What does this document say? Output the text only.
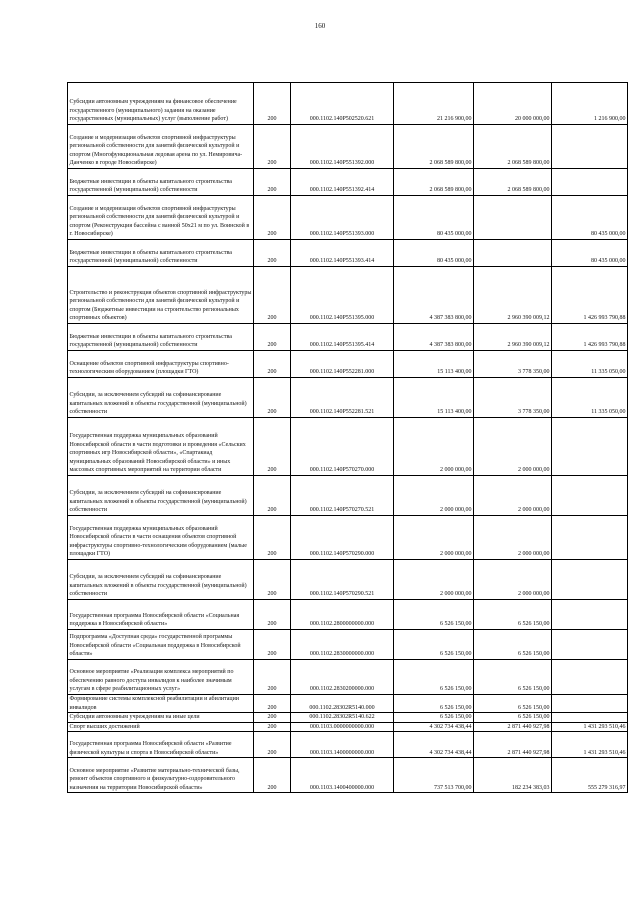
160
Субсидии автономным учреждениям на финансовое обеспечение государственного (муниципального) задания на оказание государственных (муниципальных) услуг (выполнение работ)	200	000.1102.140P502520.621	21 216 900,00	20 000 000,00	1 216 900,00
Создание и модернизация объектов спортивной инфраструктуры региональной собственности для занятий физической культурой и спортом (Многофункциональная ледовая арена по ул. Немировича-Данченко в городе Новосибирске)	200	000.1102.140P551392.000	2 068 589 800,00	2 068 589 800,00	
Бюджетные инвестиции в объекты капитального строительства государственной (муниципальной) собственности	200	000.1102.140P551392.414	2 068 589 800,00	2 068 589 800,00	
Создание и модернизация объектов спортивной инфраструктуры региональной собственности для занятий физической культурой и спортом (Реконструкция бассейна с ванной 50х21 м по ул. Воинской в г. Новосибирске)	200	000.1102.140P551393.000	80 435 000,00		80 435 000,00
Бюджетные инвестиции в объекты капитального строительства государственной (муниципальной) собственности	200	000.1102.140P551393.414	80 435 000,00		80 435 000,00
Строительство и реконструкция объектов спортивной инфраструктуры региональной собственности для занятий физической культурой и спортом (Бюджетные инвестиции на строительство региональных спортивных объектов)	200	000.1102.140P551395.000	4 387 383 800,00	2 960 390 009,12	1 426 993 790,88
Бюджетные инвестиции в объекты капитального строительства государственной (муниципальной) собственности	200	000.1102.140P551395.414	4 387 383 800,00	2 960 390 009,12	1 426 993 790,88
Оснащение объектов спортивной инфраструктуры спортивно-технологическим оборудованием (площадки ГТО)	200	000.1102.140P552281.000	15 113 400,00	3 778 350,00	11 335 050,00
Субсидии, за исключением субсидий на софинансирование капитальных вложений в объекты государственной (муниципальной) собственности	200	000.1102.140P552281.521	15 113 400,00	3 778 350,00	11 335 050,00
Государственная поддержка муниципальных образований Новосибирской области в части подготовки и проведения «Сельских спортивных игр Новосибирской области», «Спартакиад муниципальных образований Новосибирской области» и иных массовых спортивных мероприятий на территории области	200	000.1102.140P570270.000	2 000 000,00	2 000 000,00	
Субсидии, за исключением субсидий на софинансирование капитальных вложений в объекты государственной (муниципальной) собственности	200	000.1102.140P570270.521	2 000 000,00	2 000 000,00	
Государственная поддержка муниципальных образований Новосибирской области в части оснащения объектов спортивной инфраструктуры спортивно-технологическим оборудованием (малые площадки ГТО)	200	000.1102.140P570290.000	2 000 000,00	2 000 000,00	
Субсидии, за исключением субсидий на софинансирование капитальных вложений в объекты государственной (муниципальной) собственности	200	000.1102.140P570290.521	2 000 000,00	2 000 000,00	
Государственная программа Новосибирской области «Социальная поддержка в Новосибирской области»	200	000.1102.2800000000.000	6 526 150,00	6 526 150,00	
Подпрограмма «Доступная среда» государственной программы Новосибирской области «Социальная поддержка в Новосибирской области»	200	000.1102.2830000000.000	6 526 150,00	6 526 150,00	
Основное мероприятие «Реализация комплекса мероприятий по обеспечению равного доступа инвалидов к наиболее значимым услугам в сфере реабилитационных услуг»	200	000.1102.2830200000.000	6 526 150,00	6 526 150,00	
Формирование системы комплексной реабилитации и абилитации инвалидов	200	000.1102.28302R5140.000	6 526 150,00	6 526 150,00	
Субсидии автономным учреждениям на иные цели	200	000.1102.28302R5140.622	6 526 150,00	6 526 150,00	
Спорт высших достижений	200	000.1103.0000000000.000	4 302 734 438,44	2 871 440 927,98	1 431 293 510,46
Государственная программа Новосибирской области «Развитие физической культуры и спорта в Новосибирской области»	200	000.1103.1400000000.000	4 302 734 438,44	2 871 440 927,98	1 431 293 510,46
Основное мероприятие «Развитие материально-технической базы, ремонт объектов спортивного и физкультурно-оздоровительного назначения на территории Новосибирской области»	200	000.1103.1400400000.000	737 513 700,00	182 234 383,03	555 279 316,97
